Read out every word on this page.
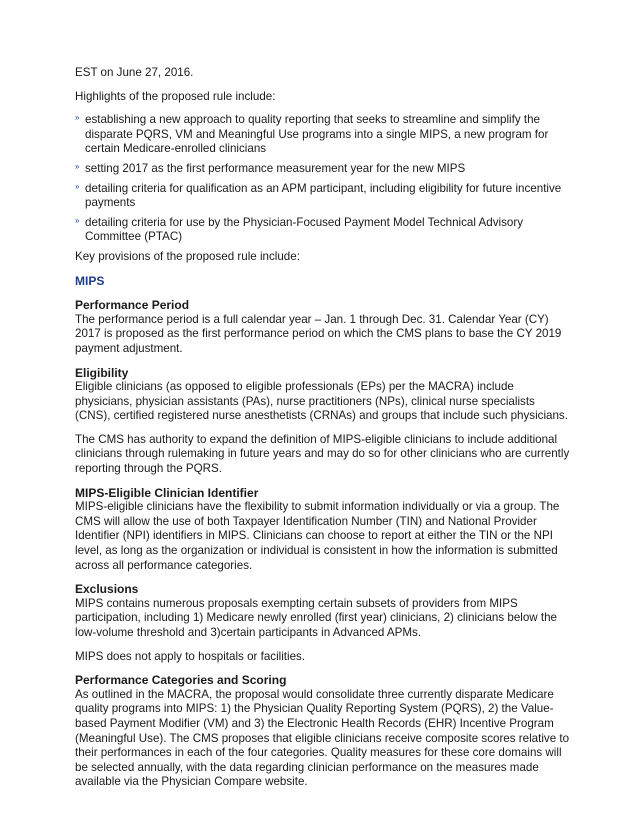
EST on June 27, 2016.

Highlights of the proposed rule include:

» establishing a new approach to quality reporting that seeks to streamline and simplify the disparate PQRS, VM and Meaningful Use programs into a single MIPS, a new program for certain Medicare-enrolled clinicians
» setting 2017 as the first performance measurement year for the new MIPS
» detailing criteria for qualification as an APM participant, including eligibility for future incentive payments
» detailing criteria for use by the Physician-Focused Payment Model Technical Advisory Committee (PTAC)

Key provisions of the proposed rule include:

MIPS
Performance Period

The performance period is a full calendar year – Jan. 1 through Dec. 31. Calendar Year (CY) 2017 is proposed as the first performance period on which the CMS plans to base the CY 2019 payment adjustment.

Eligibility

Eligible clinicians (as opposed to eligible professionals (EPs) per the MACRA) include physicians, physician assistants (PAs), nurse practitioners (NPs), clinical nurse specialists (CNS), certified registered nurse anesthetists (CRNAs) and groups that include such physicians.

The CMS has authority to expand the definition of MIPS-eligible clinicians to include additional clinicians through rulemaking in future years and may do so for other clinicians who are currently reporting through the PQRS.

MIPS-Eligible Clinician Identifier

MIPS-eligible clinicians have the flexibility to submit information individually or via a group. The CMS will allow the use of both Taxpayer Identification Number (TIN) and National Provider Identifier (NPI) identifiers in MIPS. Clinicians can choose to report at either the TIN or the NPI level, as long as the organization or individual is consistent in how the information is submitted across all performance categories.

Exclusions

MIPS contains numerous proposals exempting certain subsets of providers from MIPS participation, including 1) Medicare newly enrolled (first year) clinicians, 2) clinicians below the low-volume threshold and 3)certain participants in Advanced APMs.

MIPS does not apply to hospitals or facilities.

Performance Categories and Scoring

As outlined in the MACRA, the proposal would consolidate three currently disparate Medicare quality programs into MIPS: 1) the Physician Quality Reporting System (PQRS), 2) the Value-based Payment Modifier (VM) and 3) the Electronic Health Records (EHR) Incentive Program (Meaningful Use). The CMS proposes that eligible clinicians receive composite scores relative to their performances in each of the four categories. Quality measures for these core domains will be selected annually, with the data regarding clinician performance on the measures made available via the Physician Compare website.
